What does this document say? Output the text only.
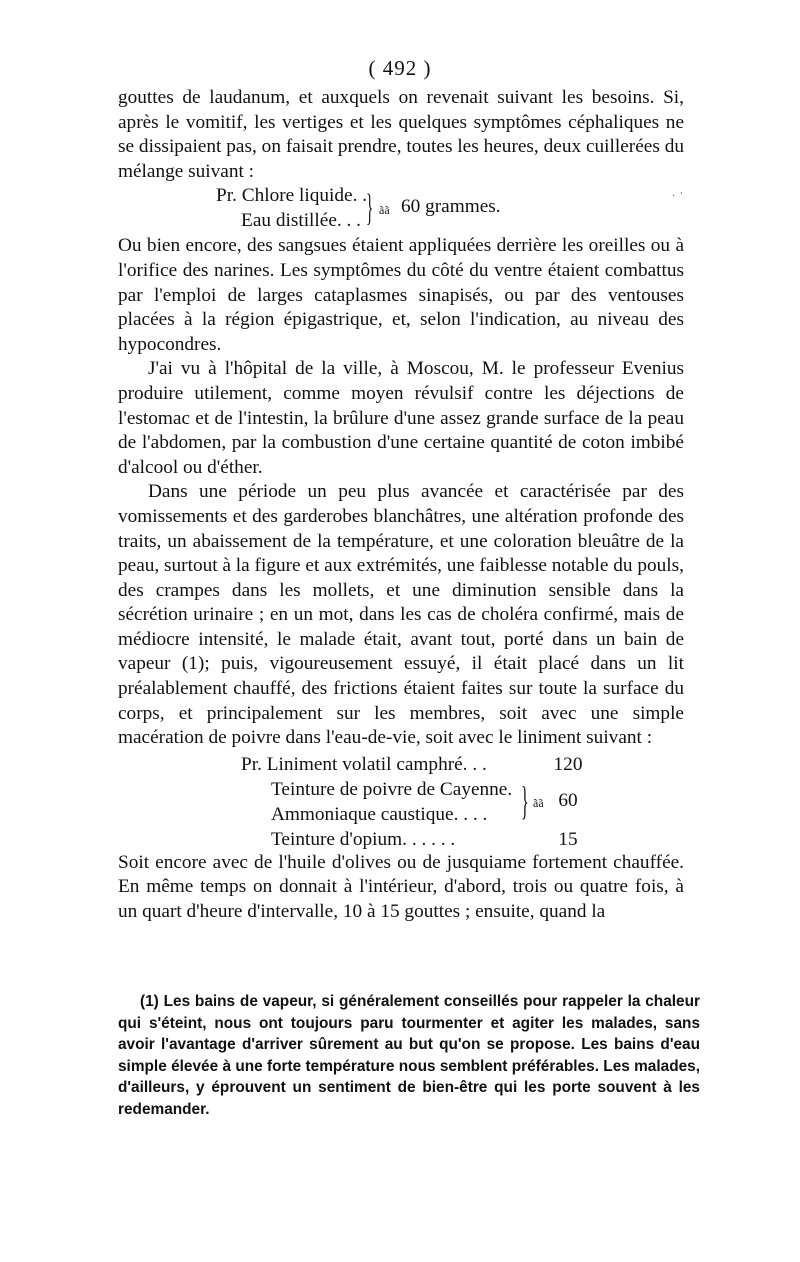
( 492 )
·  '

gouttes de laudanum, et auxquels on revenait suivant les besoins. Si, après le vomitif, les vertiges et les quelques symptômes céphaliques ne se dissipaient pas, on faisait prendre, toutes les heures, deux cuillerées du mélange suivant :

Pr. Chlore liquide. .
Eau distillée. . . } ãã 60 grammes.

Ou bien encore, des sangsues étaient appliquées derrière les oreilles ou à l'orifice des narines. Les symptômes du côté du ventre étaient combattus par l'emploi de larges cataplasmes sinapisés, ou par des ventouses placées à la région épigastrique, et, selon l'indication, au niveau des hypocondres.

J'ai vu à l'hôpital de la ville, à Moscou, M. le professeur Evenius produire utilement, comme moyen révulsif contre les déjections de l'estomac et de l'intestin, la brûlure d'une assez grande surface de la peau de l'abdomen, par la combustion d'une certaine quantité de coton imbibé d'alcool ou d'éther.

Dans une période un peu plus avancée et caractérisée par des vomissements et des garderobes blanchâtres, une altération profonde des traits, un abaissement de la température, et une coloration bleuâtre de la peau, surtout à la figure et aux extrémités, une faiblesse notable du pouls, des crampes dans les mollets, et une diminution sensible dans la sécrétion urinaire ; en un mot, dans les cas de choléra confirmé, mais de médiocre intensité, le malade était, avant tout, porté dans un bain de vapeur (1); puis, vigoureusement essuyé, il était placé dans un lit préalablement chauffé, des frictions étaient faites sur toute la surface du corps, et principalement sur les membres, soit avec une simple macération de poivre dans l'eau-de-vie, soit avec le liniment suivant :

Pr. Liniment volatil camphré. . .	120
Teinture de poivre de Cayenne.
Ammoniaque caustique. . . . } ãã 60
Teinture d'opium. . . . . .	15

Soit encore avec de l'huile d'olives ou de jusquiame fortement chauffée. En même temps on donnait à l'intérieur, d'abord, trois ou quatre fois, à un quart d'heure d'intervalle, 10 à 15 gouttes ; ensuite, quand la

(1) Les bains de vapeur, si généralement conseillés pour rappeler la chaleur qui s'éteint, nous ont toujours paru tourmenter et agiter les malades, sans avoir l'avantage d'arriver sûrement au but qu'on se propose. Les bains d'eau simple élevée à une forte température nous semblent préférables. Les malades, d'ailleurs, y éprouvent un sentiment de bien-être qui les porte souvent à les redemander.
